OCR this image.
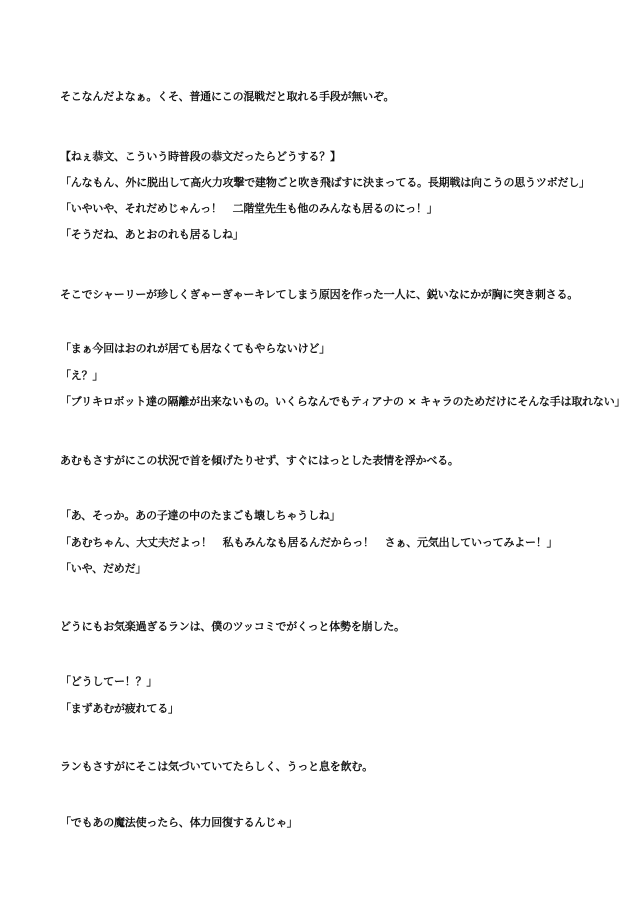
そこなんだよなぁ。くそ、普通にこの混戦だと取れる手段が無いぞ。
【ねぇ恭文、こういう時普段の恭文だったらどうする？】
「んなもん、外に脱出して高火力攻撃で建物ごと吹き飛ばすに決まってる。長期戦は向こうの思うツボだし」
「いやいや、それだめじゃんっ！　二階堂先生も他のみんなも居るのにっ！」
「そうだね、あとおのれも居るしね」
そこでシャーリーが珍しくぎゃーぎゃーキレてしまう原因を作った一人に、鋭いなにかが胸に突き刺さる。
「まぁ今回はおのれが居ても居なくてもやらないけど」
「え？」
「ブリキロボット達の隔離が出来ないもの。いくらなんでもティアナの × キャラのためだけにそんな手は取れない」
あむもさすがにこの状況で首を傾げたりせず、すぐにはっとした表情を浮かべる。
「あ、そっか。あの子達の中のたまごも壊しちゃうしね」
「あむちゃん、大丈夫だよっ！　私もみんなも居るんだからっ！　さぁ、元気出していってみよー！」
「いや、だめだ」
どうにもお気楽過ぎるランは、僕のツッコミでがくっと体勢を崩した。
「どうしてー！？」
「まずあむが疲れてる」
ランもさすがにそこは気づいていてたらしく、うっと息を飲む。
「でもあの魔法使ったら、体力回復するんじゃ」
